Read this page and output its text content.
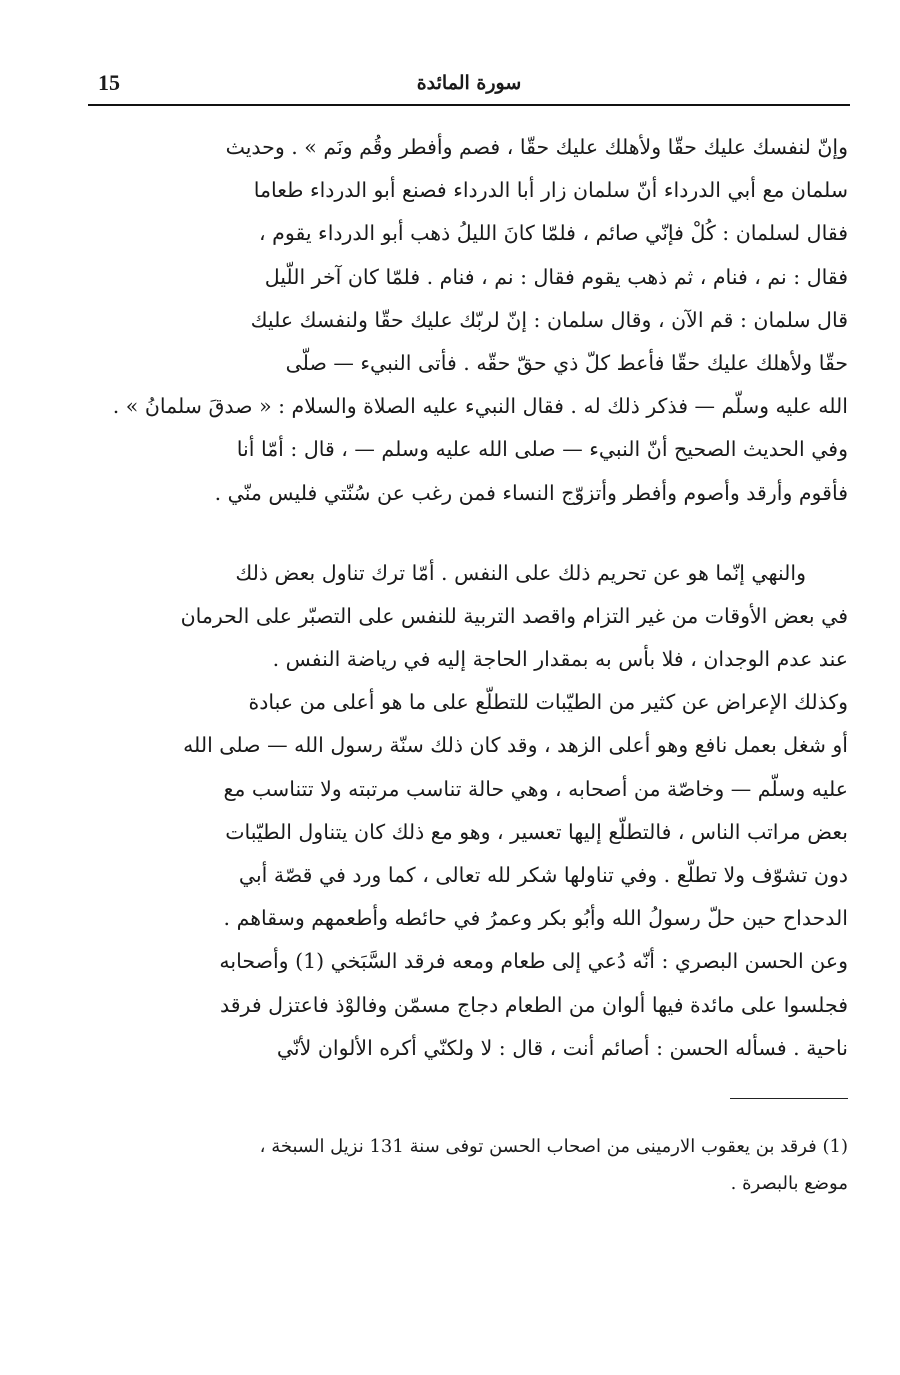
15	سورة المائدة
وإنّ لنفسك عليك حقّا ولأهلك عليك حقّا ، فصم وأفطر وقُم ونَم » . وحديث
سلمان مع أبي الدرداء أنّ سلمان زار أبا الدرداء فصنع أبو الدرداء طعاما
فقال لسلمان : كُلْ فإنّي صائم ، فلمّا كانَ الليلُ ذهب أبو الدرداء يقوم ،
فقال : نم ، فنام ، ثم ذهب يقوم فقال : نم ، فنام . فلمّا كان آخر اللّيل
قال سلمان : قم الآن ، وقال سلمان : إنّ لربّك عليك حقّا ولنفسك عليك
حقّا ولأهلك عليك حقّا فأعط كلّ ذي حقّ حقّه . فأتى النبيء — صلّى
الله عليه وسلّم — فذكر ذلك له . فقال النبيء عليه الصلاة والسلام : « صدقَ سلمانُ » .
وفي الحديث الصحيح أنّ النبيء — صلى الله عليه وسلم — ، قال : أمّا أنا
فأقوم وأرقد وأصوم وأفطر وأتزوّج النساء فمن رغب عن سُنّتي فليس منّي .
والنهي إنّما هو عن تحريم ذلك على النفس . أمّا ترك تناول بعض ذلك
في بعض الأوقات من غير التزام واقصد التربية للنفس على التصبّر على الحرمان
عند عدم الوجدان ، فلا بأس به بمقدار الحاجة إليه في رياضة النفس .
وكذلك الإعراض عن كثير من الطيّبات للتطلّع على ما هو أعلى من عبادة
أو شغل بعمل نافع وهو أعلى الزهد ، وقد كان ذلك سنّة رسول الله — صلى الله
عليه وسلّم — وخاصّة من أصحابه ، وهي حالة تناسب مرتبته ولا تتناسب مع
بعض مراتب الناس ، فالتطلّع إليها تعسير ، وهو مع ذلك كان يتناول الطيّبات
دون تشوّف ولا تطلّع . وفي تناولها شكر لله تعالى ، كما ورد في قصّة أبي
الدحداح حين حلّ رسولُ الله وأبُو بكر وعمرُ في حائطه وأطعمهم وسقاهم .
وعن الحسن البصري : أنّه دُعي إلى طعام ومعه فرقد السَّبَخي (1) وأصحابه
فجلسوا على مائدة فيها ألوان من الطعام دجاج مسمّن وفالوْذ فاعتزل فرقد
ناحية . فسأله الحسن : أصائم أنت ، قال : لا ولكنّي أكره الألوان لأنّي
(1) فرقد بن يعقوب الارمينى من اصحاب الحسن توفى سنة 131 نزيل السبخة ،
موضع بالبصرة .
